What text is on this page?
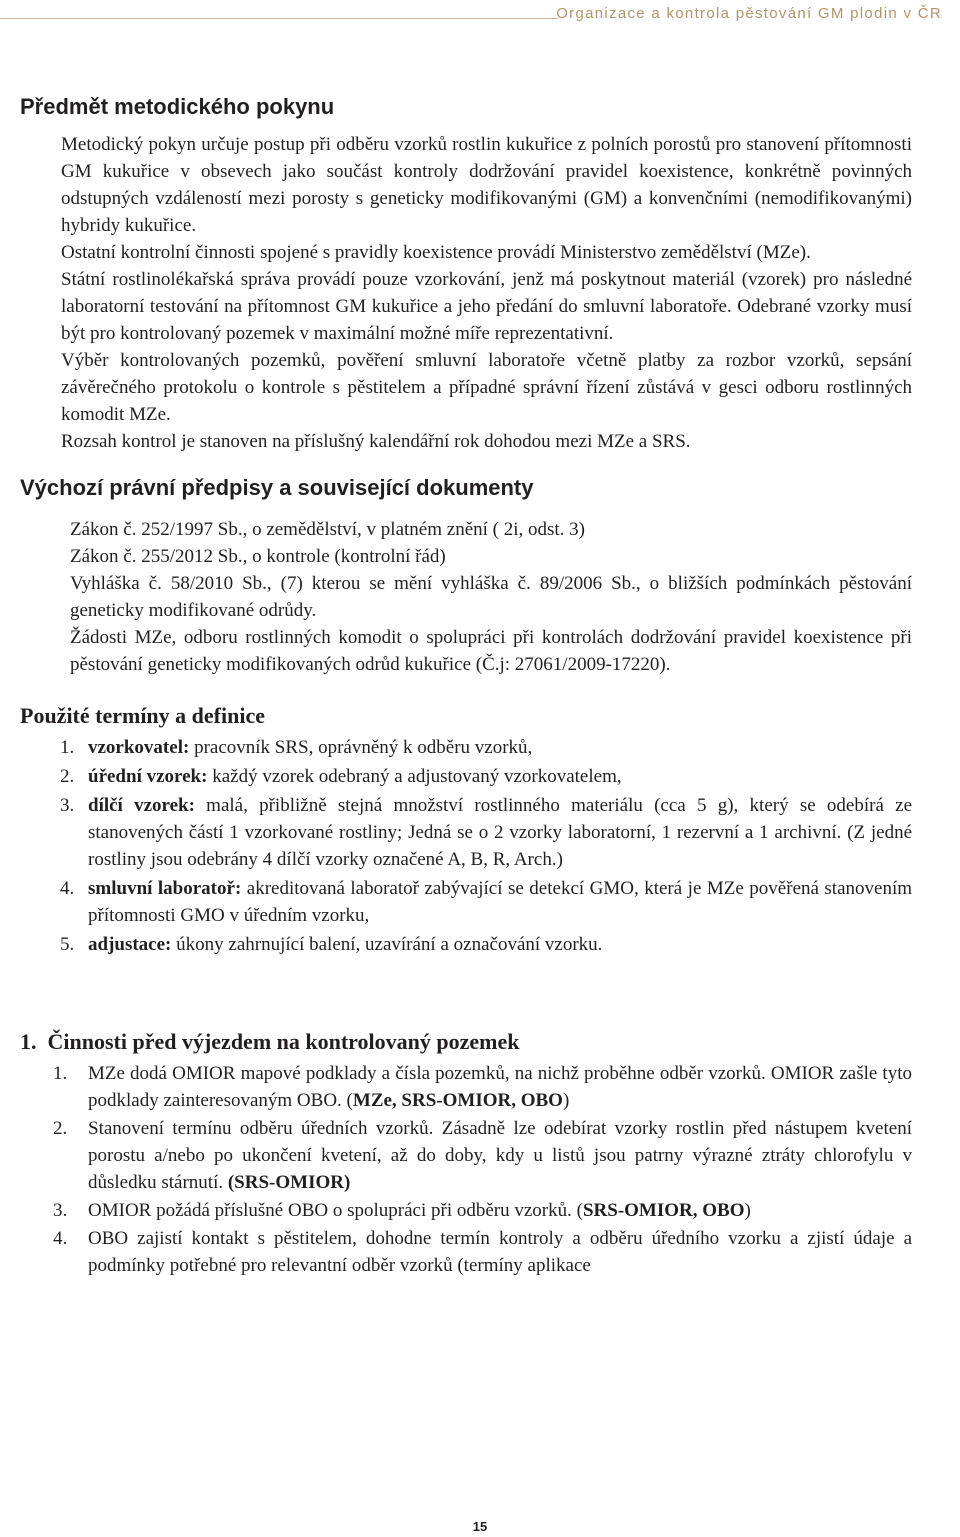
Organizace a kontrola pěstování GM plodin v ČR
Předmět metodického pokynu

Metodický pokyn určuje postup při odběru vzorků rostlin kukuřice z polních porostů pro stanovení přítomnosti GM kukuřice v obsevech jako součást kontroly dodržování pravidel koexistence, konkrétně povinných odstupných vzdáleností mezi porosty s geneticky modifikovanými (GM) a konvenčními (nemodifikovanými) hybridy kukuřice.

Ostatní kontrolní činnosti spojené s pravidly koexistence provádí Ministerstvo zemědělství (MZe).

Státní rostlinolékařská správa provádí pouze vzorkování, jenž má poskytnout materiál (vzorek) pro následné laboratorní testování na přítomnost GM kukuřice a jeho předání do smluvní laboratoře. Odebrané vzorky musí být pro kontrolovaný pozemek v maximální možné míře reprezentativní.

Výběr kontrolovaných pozemků, pověření smluvní laboratoře včetně platby za rozbor vzorků, sepsání závěrečného protokolu o kontrole s pěstitelem a případné správní řízení zůstává v gesci odboru rostlinných komodit MZe.

Rozsah kontrol je stanoven na příslušný kalendářní rok dohodou mezi MZe a SRS.

Výchozí právní předpisy a související dokumenty

Zákon č. 252/1997 Sb., o zemědělství, v platném znění ( 2i, odst. 3)

Zákon č. 255/2012 Sb., o kontrole (kontrolní řád)

Vyhláška č. 58/2010 Sb., (7) kterou se mění vyhláška č. 89/2006 Sb., o bližších podmínkách pěstování geneticky modifikované odrůdy.

Žádosti MZe, odboru rostlinných komodit o spolupráci při kontrolách dodržování pravidel koexistence při pěstování geneticky modifikovaných odrůd kukuřice (Č.j: 27061/2009-17220).

Použité termíny a definice
1. vzorkovatel: pracovník SRS, oprávněný k odběru vzorků,
2. úřední vzorek: každý vzorek odebraný a adjustovaný vzorkovatelem,
3. dílčí vzorek: malá, přibližně stejná množství rostlinného materiálu (cca 5 g), který se odebírá ze stanovených částí 1 vzorkované rostliny; Jedná se o 2 vzorky laboratorní, 1 rezervní a 1 archivní. (Z jedné rostliny jsou odebrány 4 dílčí vzorky označené A, B, R, Arch.)
4. smluvní laboratoř: akreditovaná laboratoř zabývající se detekcí GMO, která je MZe pověřená stanovením přítomnosti GMO v úředním vzorku,
5. adjustace: úkony zahrnující balení, uzavírání a označování vzorku.
1.  Činnosti před výjezdem na kontrolovaný pozemek
1. MZe dodá OMIOR mapové podklady a čísla pozemků, na nichž proběhne odběr vzorků. OMIOR zašle tyto podklady zainteresovaným OBO. (MZe, SRS-OMIOR, OBO)
2. Stanovení termínu odběru úředních vzorků. Zásadně lze odebírat vzorky rostlin před nástupem kvetení porostu a/nebo po ukončení kvetení, až do doby, kdy u listů jsou patrny výrazné ztráty chlorofylu v důsledku stárnutí. (SRS-OMIOR)
3. OMIOR požádá příslušné OBO o spolupráci při odběru vzorků. (SRS-OMIOR, OBO)
4. OBO zajistí kontakt s pěstitelem, dohodne termín kontroly a odběru úředního vzorku a zjistí údaje a podmínky potřebné pro relevantní odběr vzorků (termíny aplikace
15
